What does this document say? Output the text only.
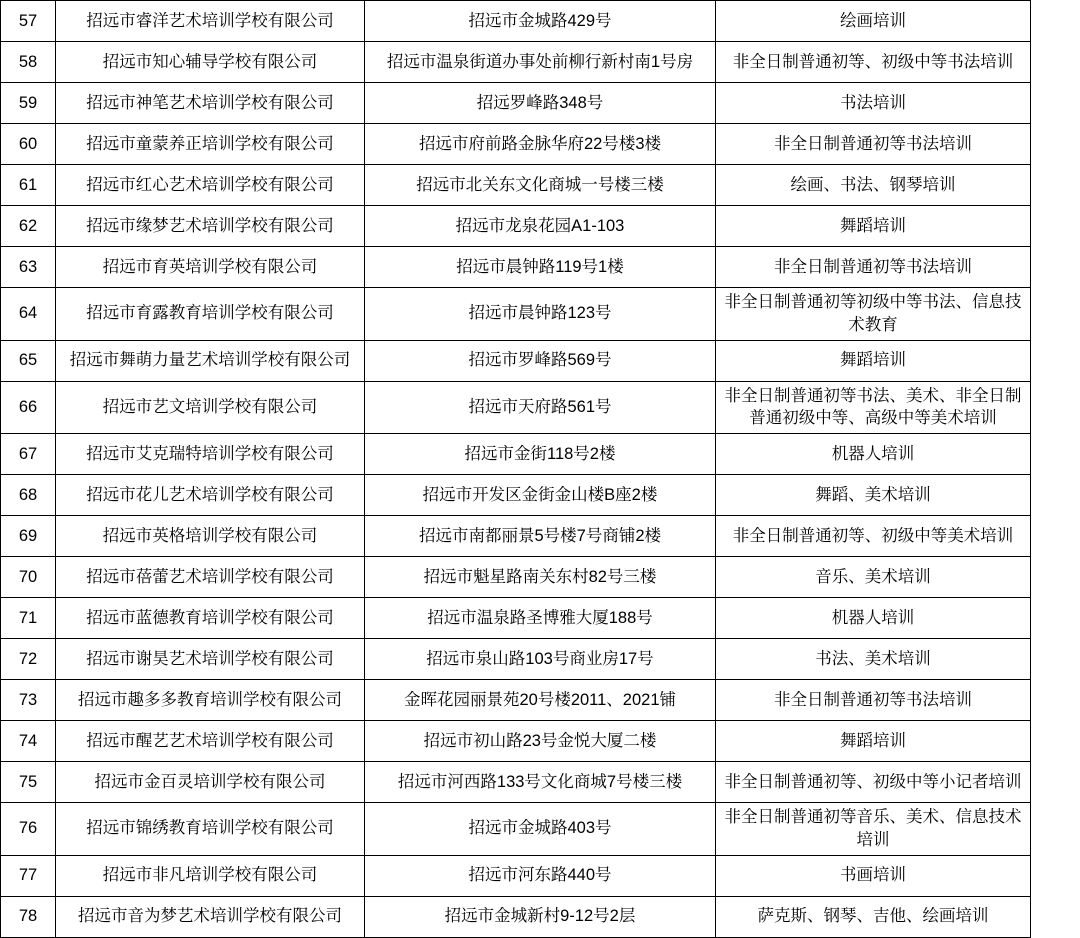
57	招远市睿洋艺术培训学校有限公司	招远市金城路429号	绘画培训
58	招远市知心辅导学校有限公司	招远市温泉街道办事处前柳行新村南1号房	非全日制普通初等、初级中等书法培训
59	招远市神笔艺术培训学校有限公司	招远罗峰路348号	书法培训
60	招远市童蒙养正培训学校有限公司	招远市府前路金脉华府22号楼3楼	非全日制普通初等书法培训
61	招远市红心艺术培训学校有限公司	招远市北关东文化商城一号楼三楼	绘画、书法、钢琴培训
62	招远市缘梦艺术培训学校有限公司	招远市龙泉花园A1-103	舞蹈培训
63	招远市育英培训学校有限公司	招远市晨钟路119号1楼	非全日制普通初等书法培训
64	招远市育露教育培训学校有限公司	招远市晨钟路123号	非全日制普通初等初级中等书法、信息技术教育
65	招远市舞萌力量艺术培训学校有限公司	招远市罗峰路569号	舞蹈培训
66	招远市艺文培训学校有限公司	招远市天府路561号	非全日制普通初等书法、美术、非全日制普通初级中等、高级中等美术培训
67	招远市艾克瑞特培训学校有限公司	招远市金街118号2楼	机器人培训
68	招远市花儿艺术培训学校有限公司	招远市开发区金街金山楼B座2楼	舞蹈、美术培训
69	招远市英格培训学校有限公司	招远市南都丽景5号楼7号商铺2楼	非全日制普通初等、初级中等美术培训
70	招远市蓓蕾艺术培训学校有限公司	招远市魁星路南关东村82号三楼	音乐、美术培训
71	招远市蓝德教育培训学校有限公司	招远市温泉路圣博雅大厦188号	机器人培训
72	招远市谢昊艺术培训学校有限公司	招远市泉山路103号商业房17号	书法、美术培训
73	招远市趣多多教育培训学校有限公司	金晖花园丽景苑20号楼2011、2021铺	非全日制普通初等书法培训
74	招远市醒艺艺术培训学校有限公司	招远市初山路23号金悦大厦二楼	舞蹈培训
75	招远市金百灵培训学校有限公司	招远市河西路133号文化商城7号楼三楼	非全日制普通初等、初级中等小记者培训
76	招远市锦绣教育培训学校有限公司	招远市金城路403号	非全日制普通初等音乐、美术、信息技术培训
77	招远市非凡培训学校有限公司	招远市河东路440号	书画培训
78	招远市音为梦艺术培训学校有限公司	招远市金城新村9-12号2层	萨克斯、钢琴、吉他、绘画培训
